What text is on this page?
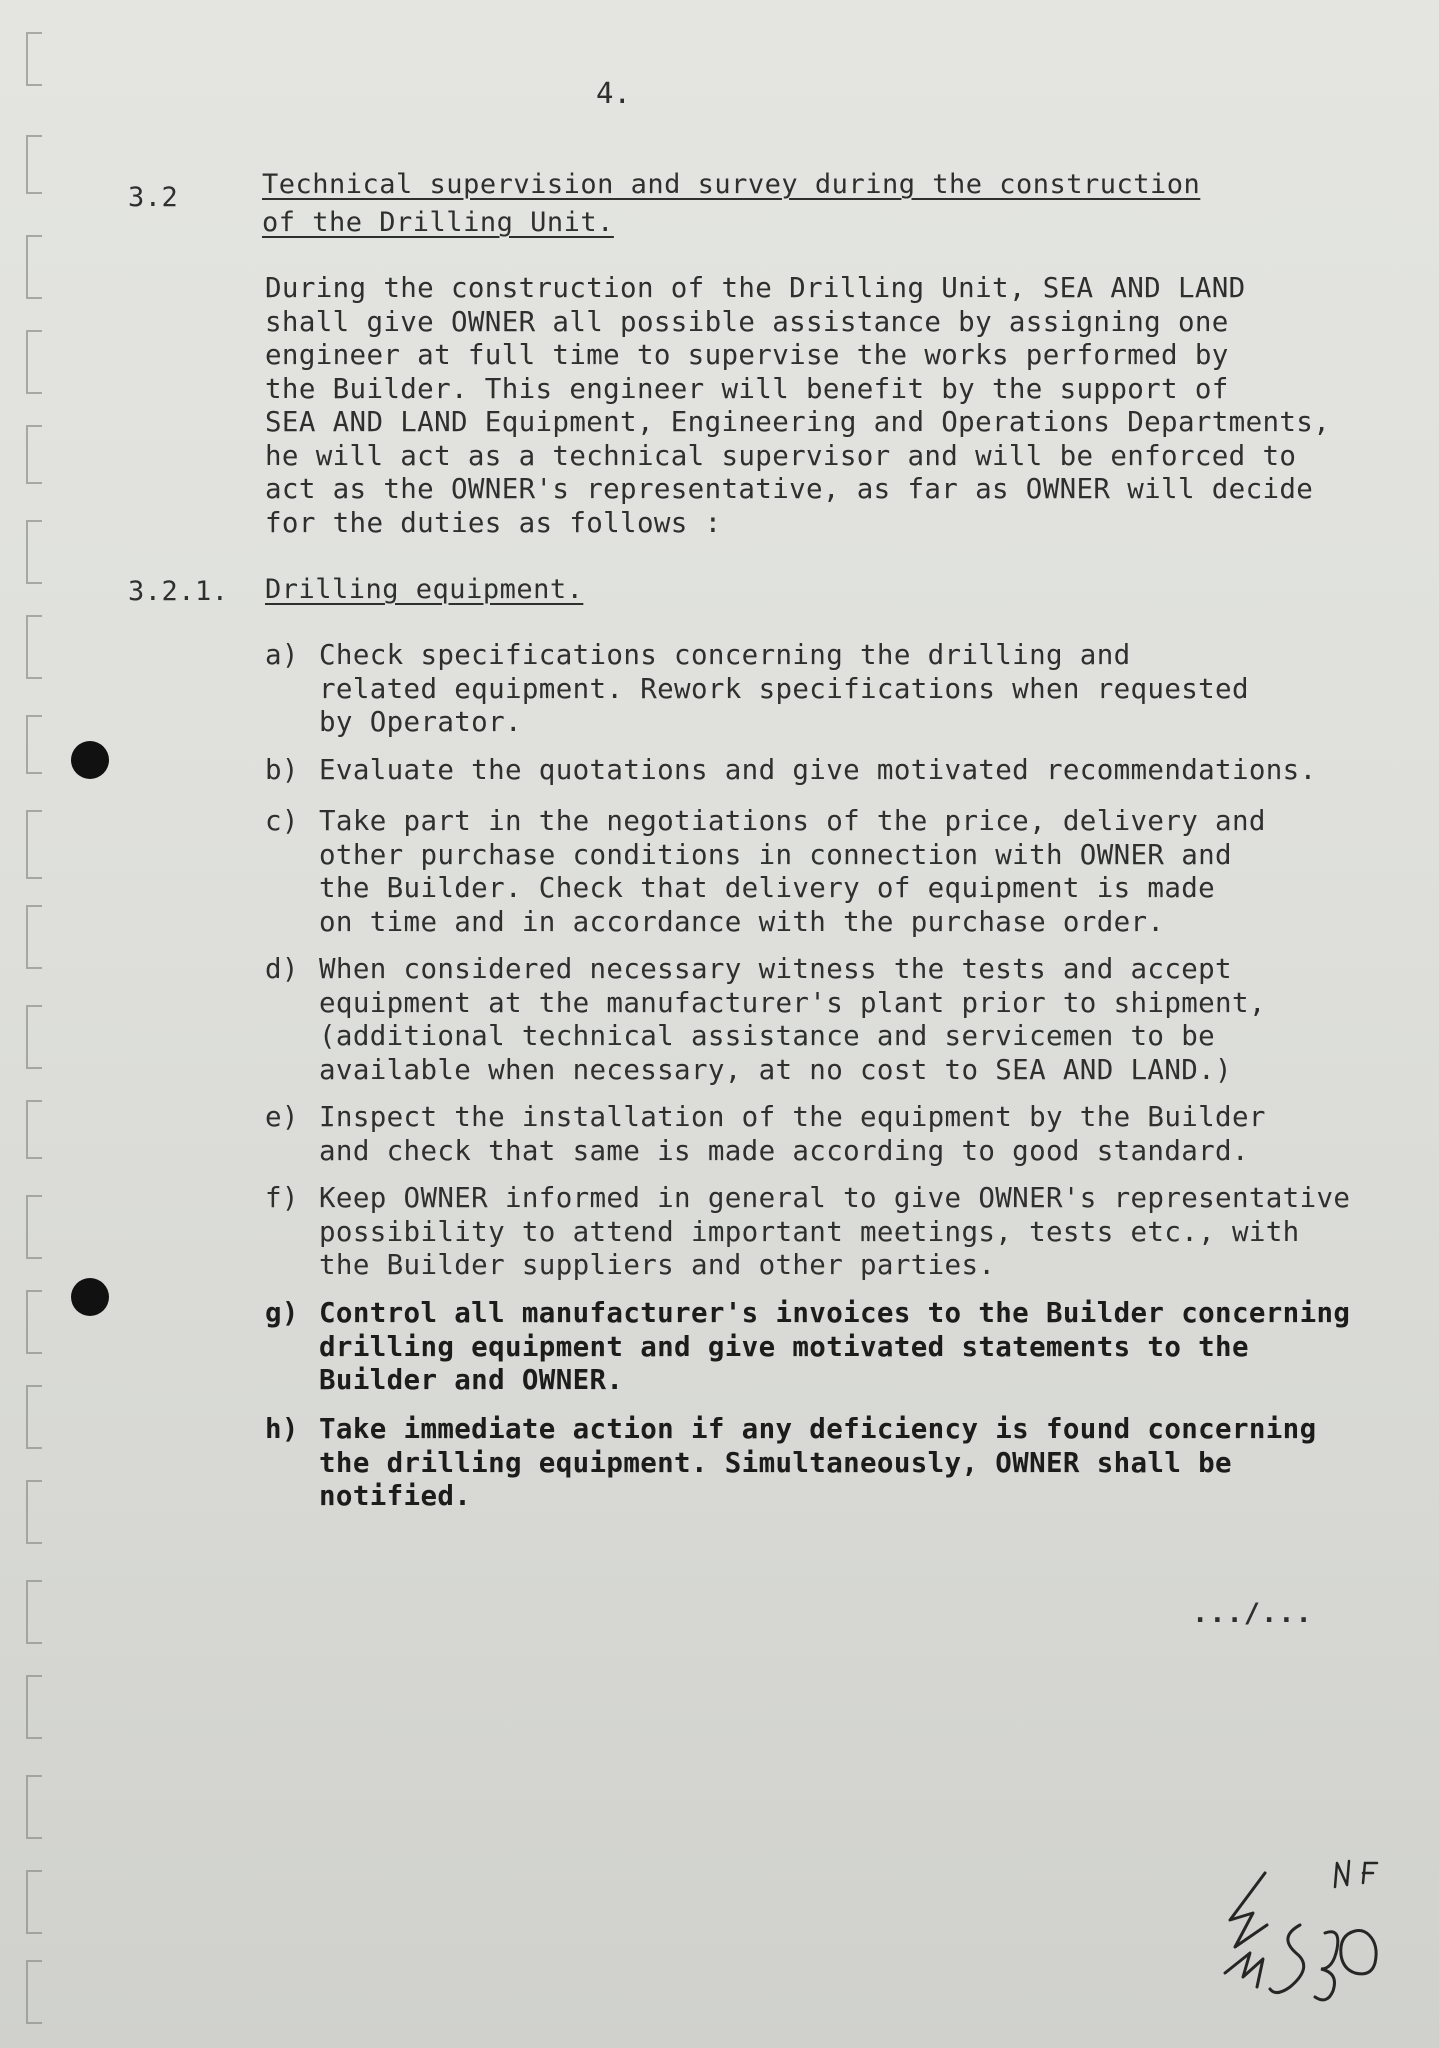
4.
3.2	Technical supervision and survey during the construction
of the Drilling Unit.
During the construction of the Drilling Unit, SEA AND LAND
shall give OWNER all possible assistance by assigning one
engineer at full time to supervise the works performed by
the Builder. This engineer will benefit by the support of
SEA AND LAND Equipment, Engineering and Operations Departments,
he will act as a technical supervisor and will be enforced to
act as the OWNER's representative, as far as OWNER will decide
for the duties as follows :
3.2.1. Drilling equipment.
a) Check specifications concerning the drilling and
related equipment. Rework specifications when requested
by Operator.
b) Evaluate the quotations and give motivated recommendations.
c) Take part in the negotiations of the price, delivery and
other purchase conditions in connection with OWNER and
the Builder. Check that delivery of equipment is made
on time and in accordance with the purchase order.
d) When considered necessary witness the tests and accept
equipment at the manufacturer's plant prior to shipment,
(additional technical assistance and servicemen to be
available when necessary, at no cost to SEA AND LAND.)
e) Inspect the installation of the equipment by the Builder
and check that same is made according to good standard.
f) Keep OWNER informed in general to give OWNER's representative
possibility to attend important meetings, tests etc., with
the Builder suppliers and other parties.
g) Control all manufacturer's invoices to the Builder concerning
drilling equipment and give motivated statements to the
Builder and OWNER.
h) Take immediate action if any deficiency is found concerning
the drilling equipment. Simultaneously, OWNER shall be
notified.
.../...
